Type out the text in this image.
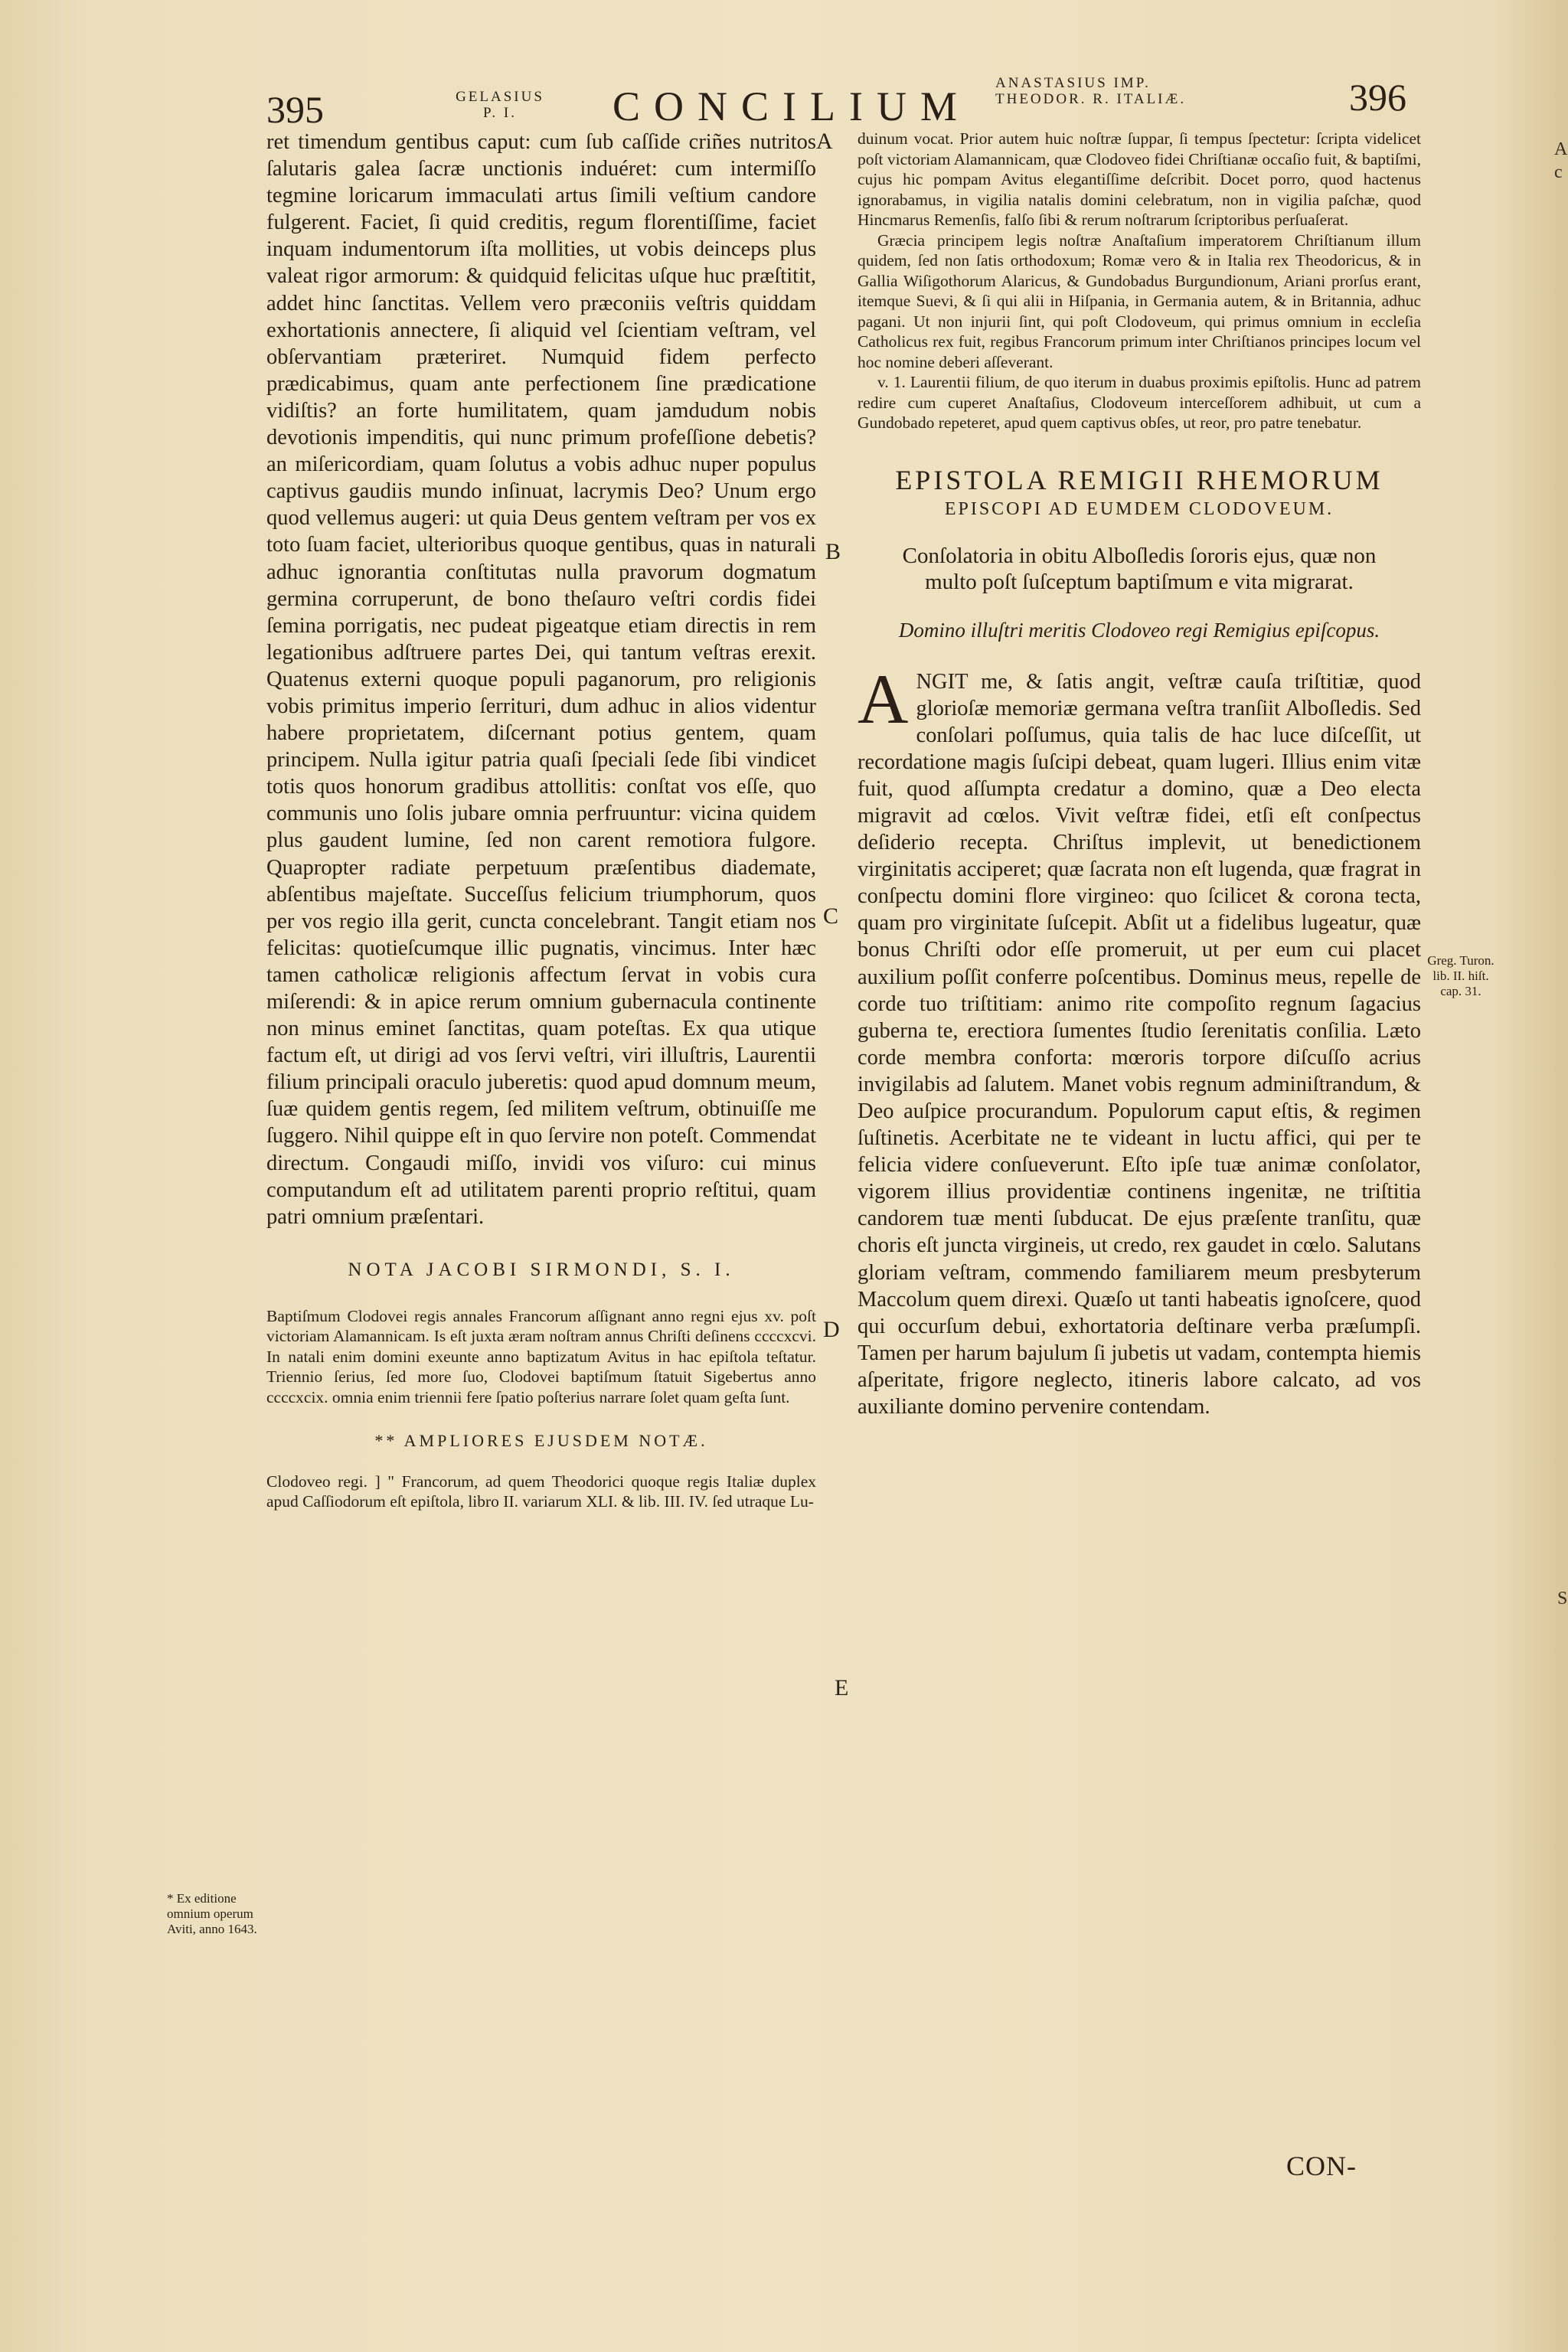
395	GELASIUS
P. I.	CONCILIUM
ANASTASIUS IMP.
THEODOR. R. ITALIÆ.	396

ret timendum gentibus caput: cum ſub caſſide criñes nutritos ſalutaris galea ſacræ unctionis induéret: cum intermiſſo tegmine loricarum immaculati artus ſimili veſtium candore fulgerent. Faciet, ſi quid creditis, regum florentiſſime, faciet inquam indumentorum iſta mollities, ut vobis deinceps plus valeat rigor armorum: & quidquid felicitas uſque huc præſtitit, addet hinc ſanctitas. Vellem vero præconiis veſtris quiddam exhortationis annectere, ſi aliquid vel ſcientiam veſtram, vel obſervantiam præteriret. Numquid fidem perfecto prædicabimus, quam ante perfectionem ſine prædicatione vidiſtis? an forte humilitatem, quam jamdudum nobis devotionis impenditis, qui nunc primum profeſſione debetis? an miſericordiam, quam ſolutus a vobis adhuc nuper populus captivus gaudiis mundo inſinuat, lacrymis Deo? Unum ergo quod vellemus augeri: ut quia Deus gentem veſtram per vos ex toto ſuam faciet, ulterioribus quoque gentibus, quas in naturali adhuc ignorantia conſtitutas nulla pravorum dogmatum germina corruperunt, de bono theſauro veſtri cordis fidei ſemina porrigatis, nec pudeat pigeatque etiam directis in rem legationibus adſtruere partes Dei, qui tantum veſtras erexit. Quatenus externi quoque populi paganorum, pro religionis vobis primitus imperio ſerrituri, dum adhuc in alios videntur habere proprietatem, diſcernant potius gentem, quam principem. Nulla igitur patria quaſi ſpeciali ſede ſibi vindicet totis quos honorum gradibus attollitis: conſtat vos eſſe, quo communis uno ſolis jubare omnia perfruuntur: vicina quidem plus gaudent lumine, ſed non carent remotiora fulgore. Quapropter radiate perpetuum præſentibus diademate, abſentibus majeſtate. Succeſſus felicium triumphorum, quos per vos regio illa gerit, cuncta concelebrant. Tangit etiam nos felicitas: quotieſcumque illic pugnatis, vincimus. Inter hæc tamen catholicæ religionis affectum ſervat in vobis cura miſerendi: & in apice rerum omnium gubernacula continente non minus eminet ſanctitas, quam poteſtas. Ex qua utique factum eſt, ut dirigi ad vos ſervi veſtri, viri illuſtris, Laurentii filium principali oraculo juberetis: quod apud domnum meum, ſuæ quidem gentis regem, ſed militem veſtrum, obtinuiſſe me ſuggero. Nihil quippe eſt in quo ſervire non poteſt. Commendat directum. Congaudi miſſo, invidi vos viſuro: cui minus computandum eſt ad utilitatem parenti proprio reſtitui, quam patri omnium præſentari.

NOTA JACOBI SIRMONDI, S. I.

Baptiſmum Clodovei regis annales Francorum aſſignant anno regni ejus xv. poſt victoriam Alamannicam. Is eſt juxta æram noſtram annus Chriſti deſinens ccccxcvi. In natali enim domini exeunte anno baptizatum Avitus in hac epiſtola teſtatur. Triennio ſerius, ſed more ſuo, Clodovei baptiſmum ſtatuit Sigebertus anno ccccxcix. omnia enim triennii fere ſpatio poſterius narrare ſolet quam geſta ſunt.

** AMPLIORES EJUSDEM NOTÆ.

Clodoveo regi. ] " Francorum, ad quem Theodorici quoque regis Italiæ duplex apud Caſſiodorum eſt epiſtola, libro II. variarum XLI. & lib. III. IV. ſed utraque Lu-

* Ex editione omnium operum Aviti, anno 1643.
A
B
C
D
E

duinum vocat. Prior autem huic noſtræ ſuppar, ſi tempus ſpectetur: ſcripta videlicet poſt victoriam Alamannicam, quæ Clodoveo fidei Chriſtianæ occaſio fuit, & baptiſmi, cujus hic pompam Avitus elegantiſſime deſcribit. Docet porro, quod hactenus ignorabamus, in vigilia natalis domini celebratum, non in vigilia paſchæ, quod Hincmarus Remenſis, falſo ſibi & rerum noſtrarum ſcriptoribus perſuaſerat.

Græcia principem legis noſtræ Anaſtaſium imperatorem Chriſtianum illum quidem, ſed non ſatis orthodoxum; Romæ vero & in Italia rex Theodoricus, & in Gallia Wiſigothorum Alaricus, & Gundobadus Burgundionum, Ariani prorſus erant, itemque Suevi, & ſi qui alii in Hiſpania, in Germania autem, & in Britannia, adhuc pagani. Ut non injurii ſint, qui poſt Clodoveum, qui primus omnium in eccleſia Catholicus rex fuit, regibus Francorum primum inter Chriſtianos principes locum vel hoc nomine deberi aſſeverant.

v. 1. Laurentii filium, de quo iterum in duabus proximis epiſtolis. Hunc ad patrem redire cum cuperet Anaſtaſius, Clodoveum interceſſorem adhibuit, ut cum a Gundobado repeteret, apud quem captivus obſes, ut reor, pro patre tenebatur.

EPISTOLA REMIGII RHEMORUM
EPISCOPI AD EUMDEM CLODOVEUM.
Conſolatoria in obitu Alboſledis ſororis ejus, quæ non multo poſt ſuſceptum baptiſmum e vita migrarat.
Domino illuſtri meritis Clodoveo regi Remigius epiſcopus.
ANGIT me, & ſatis angit, veſtræ cauſa triſtitiæ, quod glorioſæ memoriæ germana veſtra tranſiit Alboſledis. Sed conſolari poſſumus, quia talis de hac luce diſceſſit, ut recordatione magis ſuſcipi debeat, quam lugeri. Illius enim vitæ fuit, quod aſſumpta credatur a domino, quæ a Deo electa migravit ad cœlos. Vivit veſtræ fidei, etſi eſt conſpectus deſiderio recepta. Chriſtus implevit, ut benedictionem virginitatis acciperet; quæ ſacrata non eſt lugenda, quæ fragrat in conſpectu domini flore virgineo: quo ſcilicet & corona tecta, quam pro virginitate ſuſcepit. Abſit ut a fidelibus lugeatur, quæ bonus Chriſti odor eſſe promeruit, ut per eum cui placet auxilium poſſit conferre poſcentibus. Dominus meus, repelle de corde tuo triſtitiam: animo rite compoſito regnum ſagacius guberna te, erectiora ſumentes ſtudio ſerenitatis conſilia. Læto corde membra conforta: mœroris torpore diſcuſſo acrius invigilabis ad ſalutem. Manet vobis regnum adminiſtrandum, & Deo auſpice procurandum. Populorum caput eſtis, & regimen ſuſtinetis. Acerbitate ne te videant in luctu affici, qui per te felicia videre conſueverunt. Eſto ipſe tuæ animæ conſolator, vigorem illius providentiæ continens ingenitæ, ne triſtitia candorem tuæ menti ſubducat. De ejus præſente tranſitu, quæ choris eſt juncta virgineis, ut credo, rex gaudet in cœlo. Salutans gloriam veſtram, commendo familiarem meum presbyterum Maccolum quem direxi. Quæſo ut tanti habeatis ignoſcere, quod qui occurſum debui, exhortatoria deſtinare verba præſumpſi. Tamen per harum bajulum ſi jubetis ut vadam, contempta hiemis aſperitate, frigore neglecto, itineris labore calcato, ad vos auxiliante domino pervenire contendam.
Greg. Turon. lib. II. hiſt. cap. 31.
CON-
A c
S
